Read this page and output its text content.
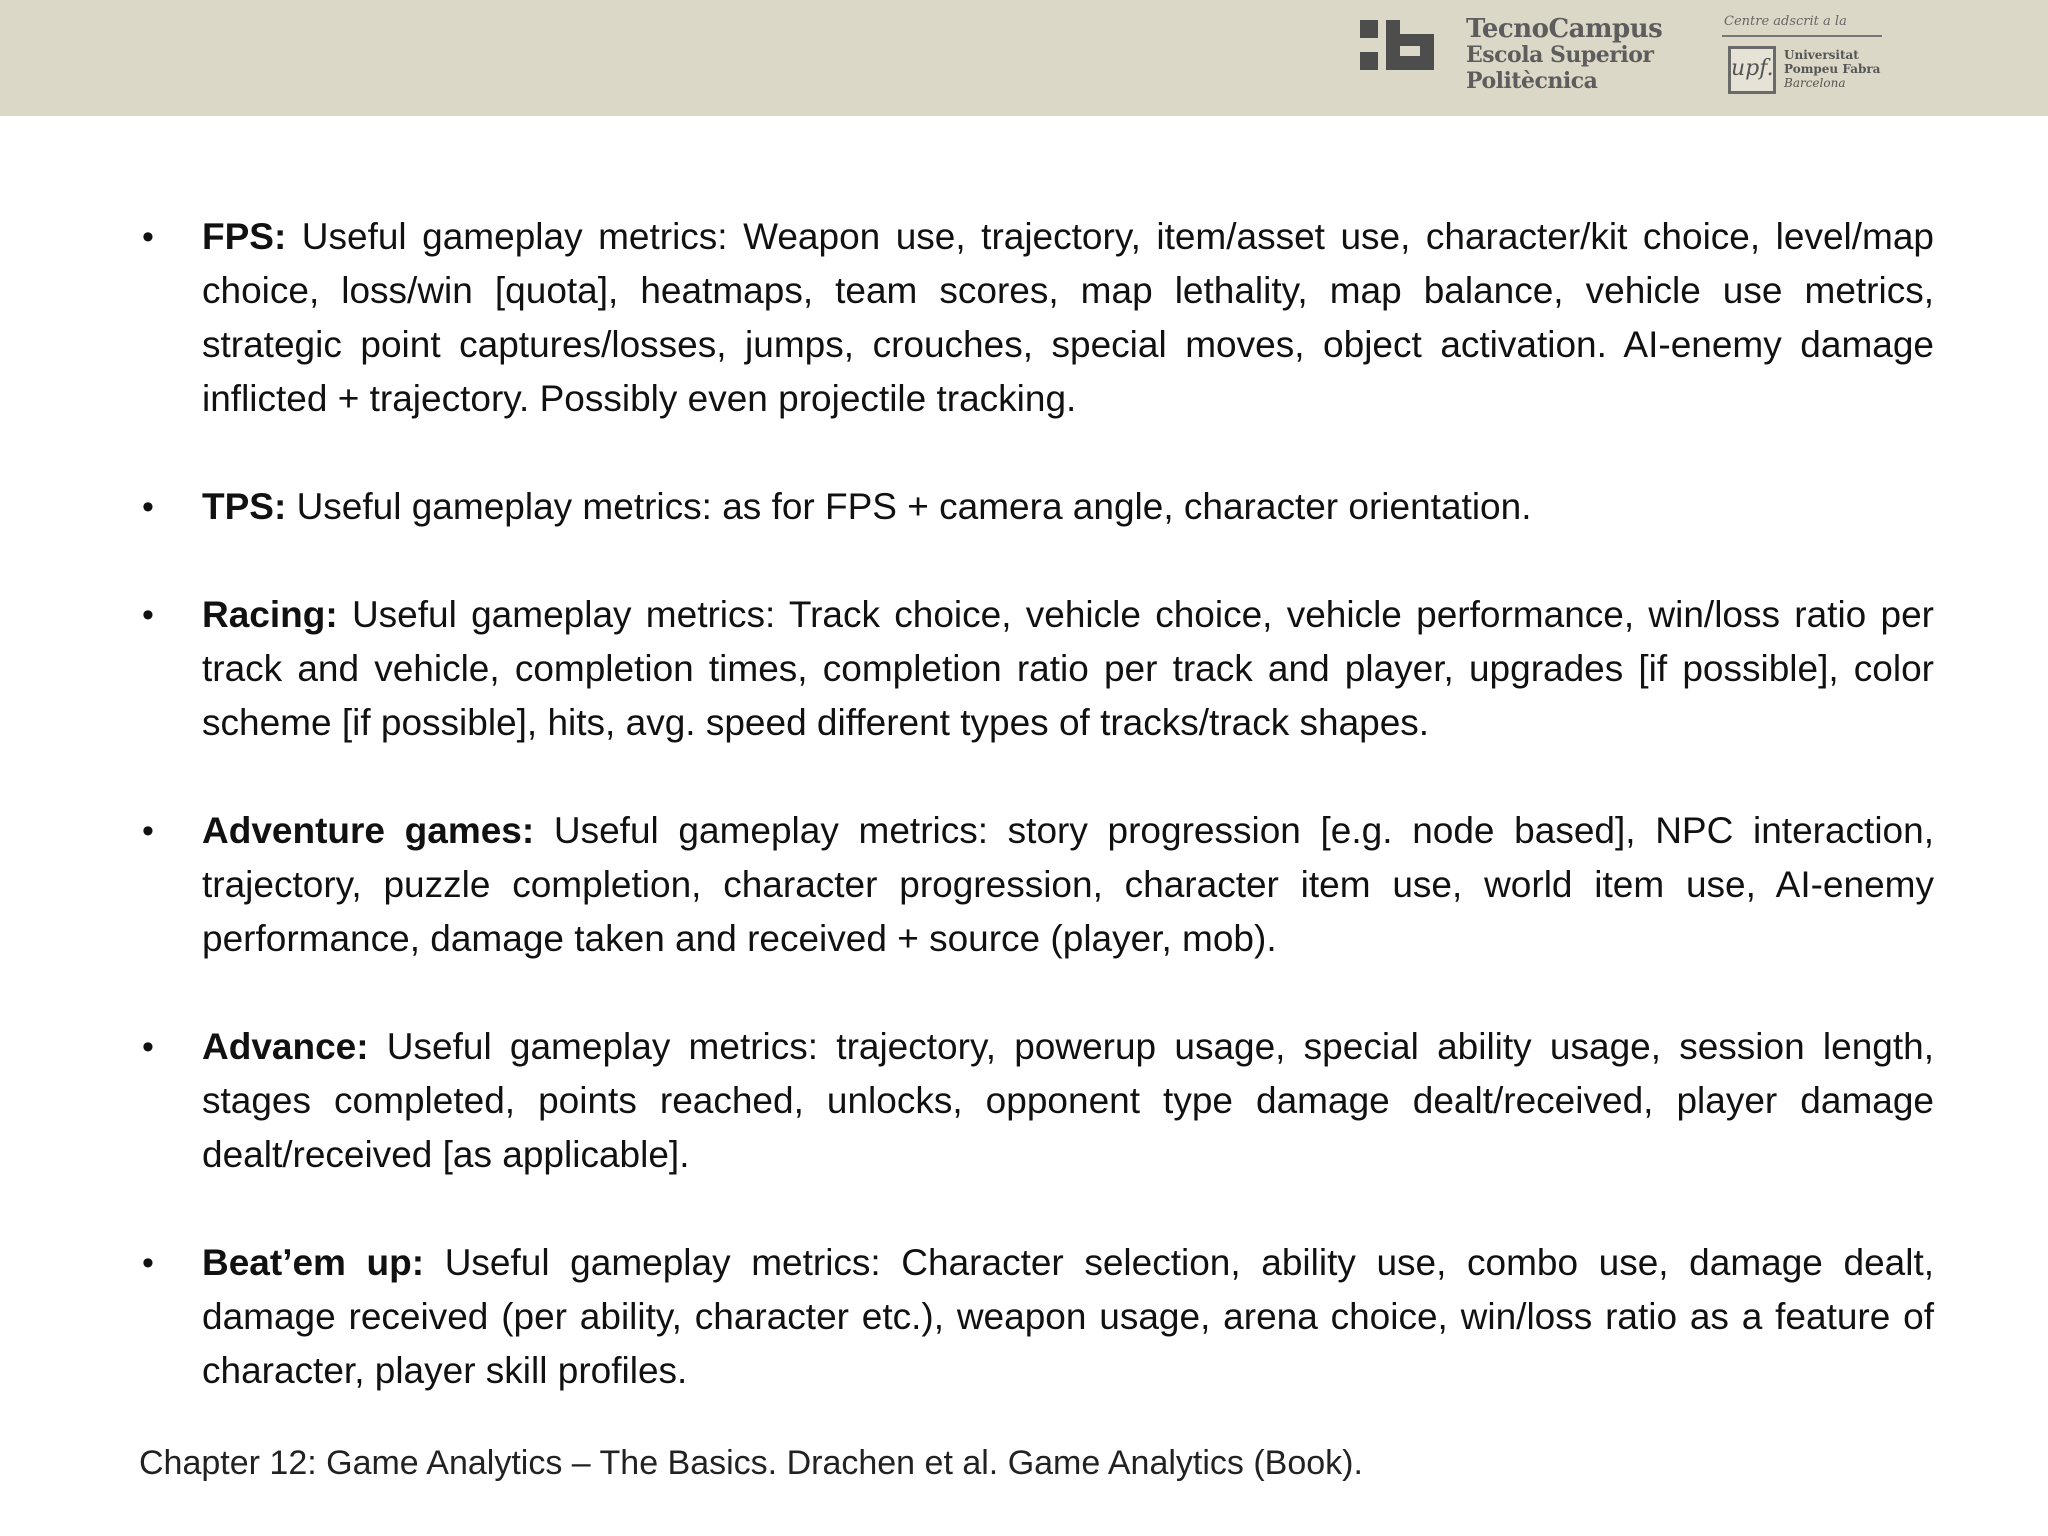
TecnoCampus
Escola Superior
Politècnica
Centre adscrit a la
upf.
Universitat
Pompeu Fabra
Barcelona
• FPS: Useful gameplay metrics: Weapon use, trajectory, item/asset use, character/kit choice, level/map choice, loss/win [quota], heatmaps, team scores, map lethality, map balance, vehicle use metrics, strategic point captures/losses, jumps, crouches, special moves, object activation. AI-enemy damage inflicted + trajectory. Possibly even projectile tracking.
• TPS: Useful gameplay metrics: as for FPS + camera angle, character orientation.
• Racing: Useful gameplay metrics: Track choice, vehicle choice, vehicle performance, win/loss ratio per track and vehicle, completion times, completion ratio per track and player, upgrades [if possible], color scheme [if possible], hits, avg. speed different types of tracks/track shapes.
• Adventure games: Useful gameplay metrics: story progression [e.g. node based], NPC interaction, trajectory, puzzle completion, character progression, character item use, world item use, AI-enemy performance, damage taken and received + source (player, mob).
• Advance: Useful gameplay metrics: trajectory, powerup usage, special ability usage, session length, stages completed, points reached, unlocks, opponent type damage dealt/received, player damage dealt/received [as applicable].
• Beat’em up: Useful gameplay metrics: Character selection, ability use, combo use, damage dealt, damage received (per ability, character etc.), weapon usage, arena choice, win/loss ratio as a feature of character, player skill profiles.
Chapter 12: Game Analytics – The Basics. Drachen et al. Game Analytics (Book).
